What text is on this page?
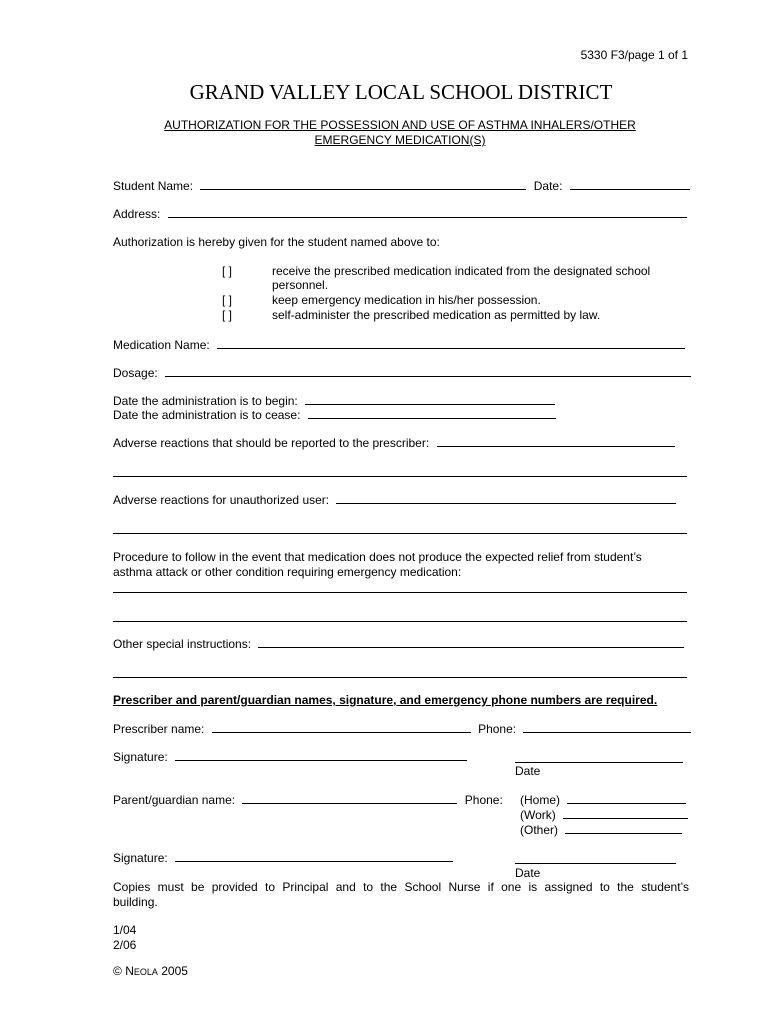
5330 F3/page 1 of 1
GRAND VALLEY LOCAL SCHOOL DISTRICT
AUTHORIZATION FOR THE POSSESSION AND USE OF ASTHMA INHALERS/OTHER
EMERGENCY MEDICATION(S)
Student Name:	Date:
Address:
Authorization is hereby given for the student named above to:
[ ]	receive the prescribed medication indicated from the designated school
personnel.
[ ]	keep emergency medication in his/her possession.
[ ]	self-administer the prescribed medication as permitted by law.
Medication Name:
Dosage:
Date the administration is to begin:
Date the administration is to cease:
Adverse reactions that should be reported to the prescriber:
Adverse reactions for unauthorized user:
Procedure to follow in the event that medication does not produce the expected relief from student’s
asthma attack or other condition requiring emergency medication:
Other special instructions:
Prescriber and parent/guardian names, signature, and emergency phone numbers are required.
Prescriber name:	Phone:
Signature:
Date
Parent/guardian name:	Phone: (Home)
(Work)
(Other)
Signature:
Date
Copies must be provided to Principal and to the School Nurse if one is assigned to the student’s
building.
1/04
2/06
© NEOLA 2005
